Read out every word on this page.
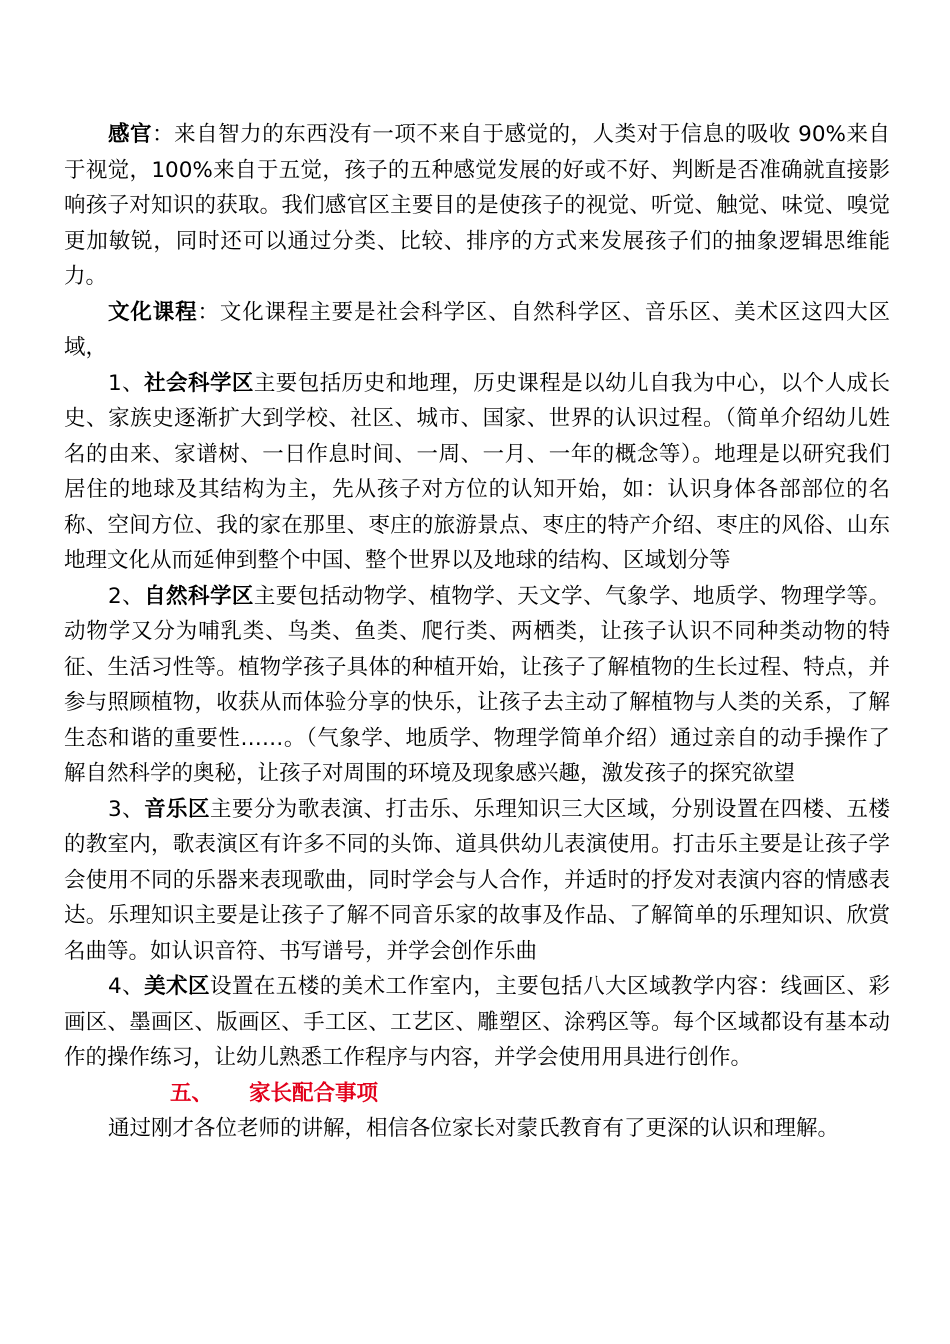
感官：来自智力的东西没有一项不来自于感觉的，人类对于信息的吸收 90%来自于视觉，100%来自于五觉，孩子的五种感觉发展的好或不好、判断是否准确就直接影响孩子对知识的获取。我们感官区主要目的是使孩子的视觉、听觉、触觉、味觉、嗅觉更加敏锐，同时还可以通过分类、比较、排序的方式来发展孩子们的抽象逻辑思维能力。

文化课程：文化课程主要是社会科学区、自然科学区、音乐区、美术区这四大区域，

1、社会科学区主要包括历史和地理，历史课程是以幼儿自我为中心，以个人成长史、家族史逐渐扩大到学校、社区、城市、国家、世界的认识过程。（简单介绍幼儿姓名的由来、家谱树、一日作息时间、一周、一月、一年的概念等）。地理是以研究我们居住的地球及其结构为主，先从孩子对方位的认知开始，如：认识身体各部部位的名称、空间方位、我的家在那里、枣庄的旅游景点、枣庄的特产介绍、枣庄的风俗、山东地理文化从而延伸到整个中国、整个世界以及地球的结构、区域划分等

2、自然科学区主要包括动物学、植物学、天文学、气象学、地质学、物理学等。动物学又分为哺乳类、鸟类、鱼类、爬行类、两栖类，让孩子认识不同种类动物的特征、生活习性等。植物学孩子具体的种植开始，让孩子了解植物的生长过程、特点，并参与照顾植物，收获从而体验分享的快乐，让孩子去主动了解植物与人类的关系，了解生态和谐的重要性……。（气象学、地质学、物理学简单介绍）通过亲自的动手操作了解自然科学的奥秘，让孩子对周围的环境及现象感兴趣，激发孩子的探究欲望

3、音乐区主要分为歌表演、打击乐、乐理知识三大区域，分别设置在四楼、五楼的教室内，歌表演区有许多不同的头饰、道具供幼儿表演使用。打击乐主要是让孩子学会使用不同的乐器来表现歌曲，同时学会与人合作，并适时的抒发对表演内容的情感表达。乐理知识主要是让孩子了解不同音乐家的故事及作品、了解简单的乐理知识、欣赏名曲等。如认识音符、书写谱号，并学会创作乐曲

4、美术区设置在五楼的美术工作室内，主要包括八大区域教学内容：线画区、彩画区、墨画区、版画区、手工区、工艺区、雕塑区、涂鸦区等。每个区域都设有基本动作的操作练习，让幼儿熟悉工作程序与内容，并学会使用用具进行创作。

五、 家长配合事项

通过刚才各位老师的讲解，相信各位家长对蒙氏教育有了更深的认识和理解。
